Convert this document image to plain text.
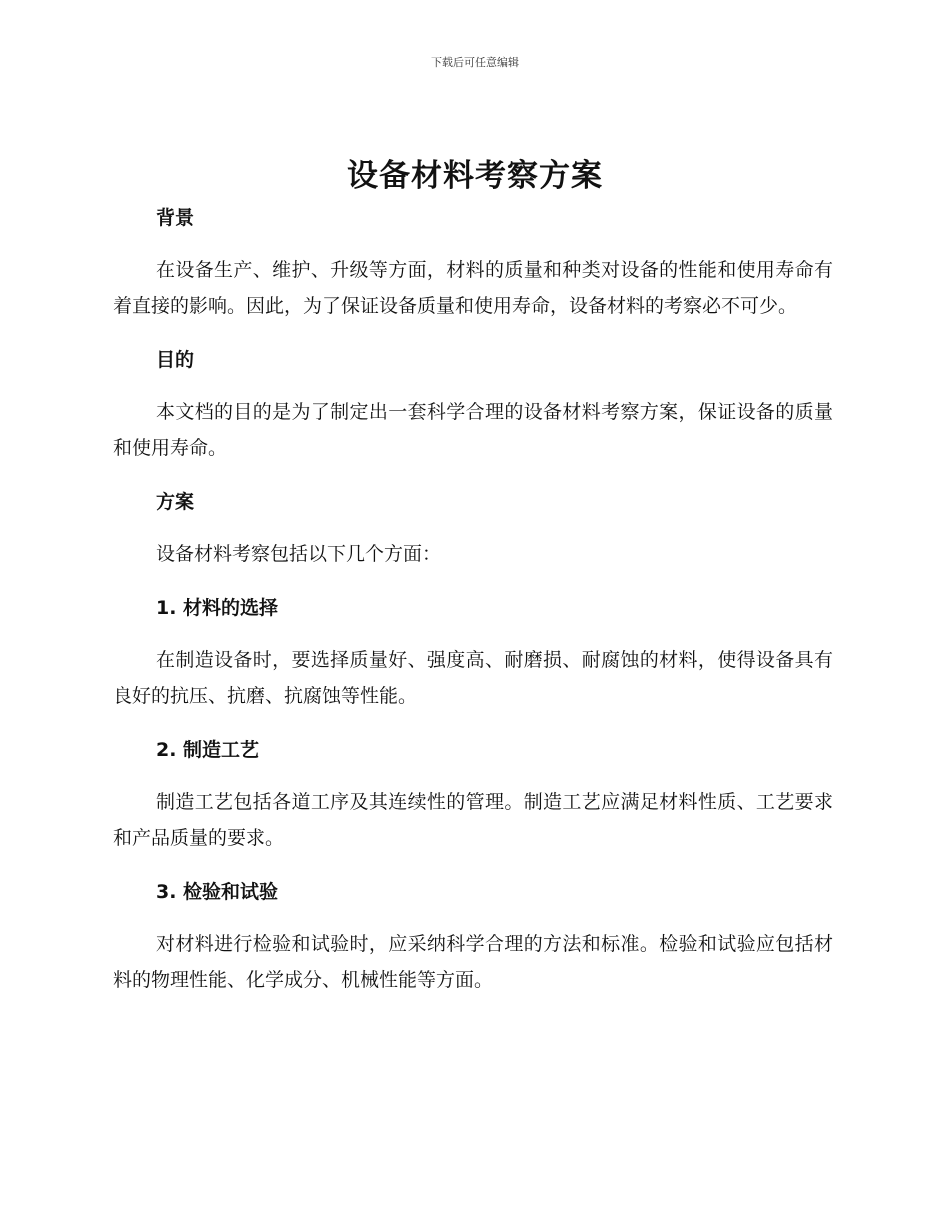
下载后可任意编辑
设备材料考察方案

背景

在设备生产、维护、升级等方面，材料的质量和种类对设备的性能和使用寿命有着直接的影响。因此，为了保证设备质量和使用寿命，设备材料的考察必不可少。

目的

本文档的目的是为了制定出一套科学合理的设备材料考察方案，保证设备的质量和使用寿命。

方案

设备材料考察包括以下几个方面：

1. 材料的选择

在制造设备时，要选择质量好、强度高、耐磨损、耐腐蚀的材料，使得设备具有良好的抗压、抗磨、抗腐蚀等性能。

2. 制造工艺

制造工艺包括各道工序及其连续性的管理。制造工艺应满足材料性质、工艺要求和产品质量的要求。

3. 检验和试验

对材料进行检验和试验时，应采纳科学合理的方法和标准。检验和试验应包括材料的物理性能、化学成分、机械性能等方面。
